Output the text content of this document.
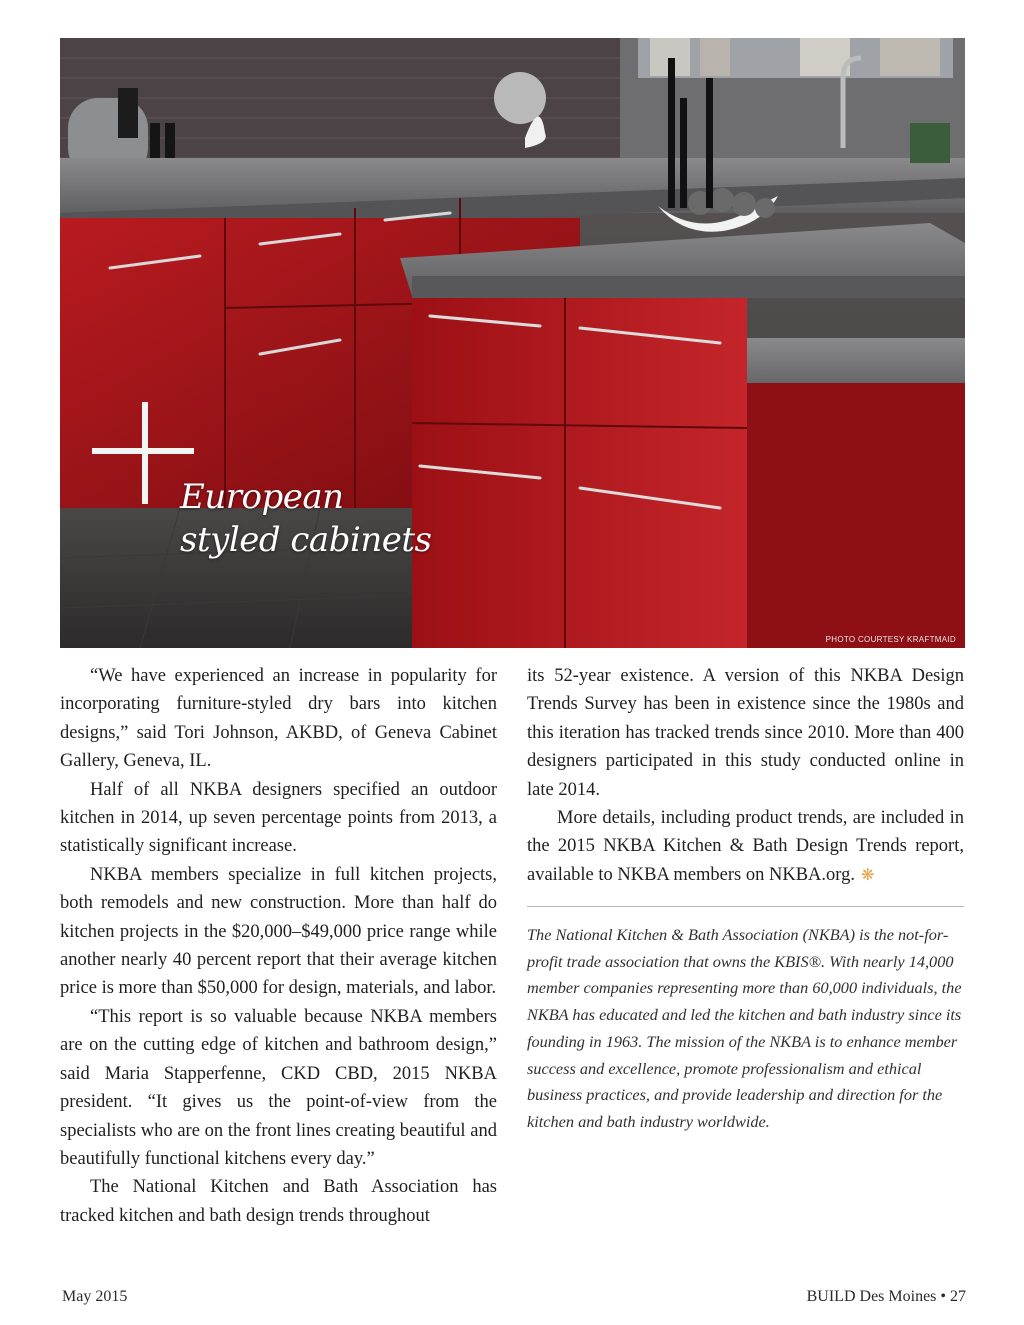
European
styled cabinets
PHOTO COURTESY KRAFTMAID

“We have experienced an increase in popularity for incorporating furniture-styled dry bars into kitchen designs,” said Tori Johnson, AKBD, of Geneva Cabinet Gallery, Geneva, IL.

Half of all NKBA designers specified an outdoor kitchen in 2014, up seven percentage points from 2013, a statistically significant increase.

NKBA members specialize in full kitchen projects, both remodels and new construction. More than half do kitchen projects in the $20,000–$49,000 price range while another nearly 40 percent report that their average kitchen price is more than $50,000 for design, materials, and labor.

“This report is so valuable because NKBA members are on the cutting edge of kitchen and bathroom design,” said Maria Stapperfenne, CKD CBD, 2015 NKBA president. “It gives us the point-of-view from the specialists who are on the front lines creating beautiful and beautifully functional kitchens every day.”

The National Kitchen and Bath Association has tracked kitchen and bath design trends throughout

its 52-year existence. A version of this NKBA Design Trends Survey has been in existence since the 1980s and this iteration has tracked trends since 2010. More than 400 designers participated in this study conducted online in late 2014.

More details, including product trends, are included in the 2015 NKBA Kitchen & Bath Design Trends report, available to NKBA members on NKBA.org. ❋

The National Kitchen & Bath Association (NKBA) is the not-for-profit trade association that owns the KBIS®. With nearly 14,000 member companies representing more than 60,000 individuals, the NKBA has educated and led the kitchen and bath industry since its founding in 1963. The mission of the NKBA is to enhance member success and excellence, promote professionalism and ethical business practices, and provide leadership and direction for the kitchen and bath industry worldwide.

May 2015	BUILD Des Moines • 27
